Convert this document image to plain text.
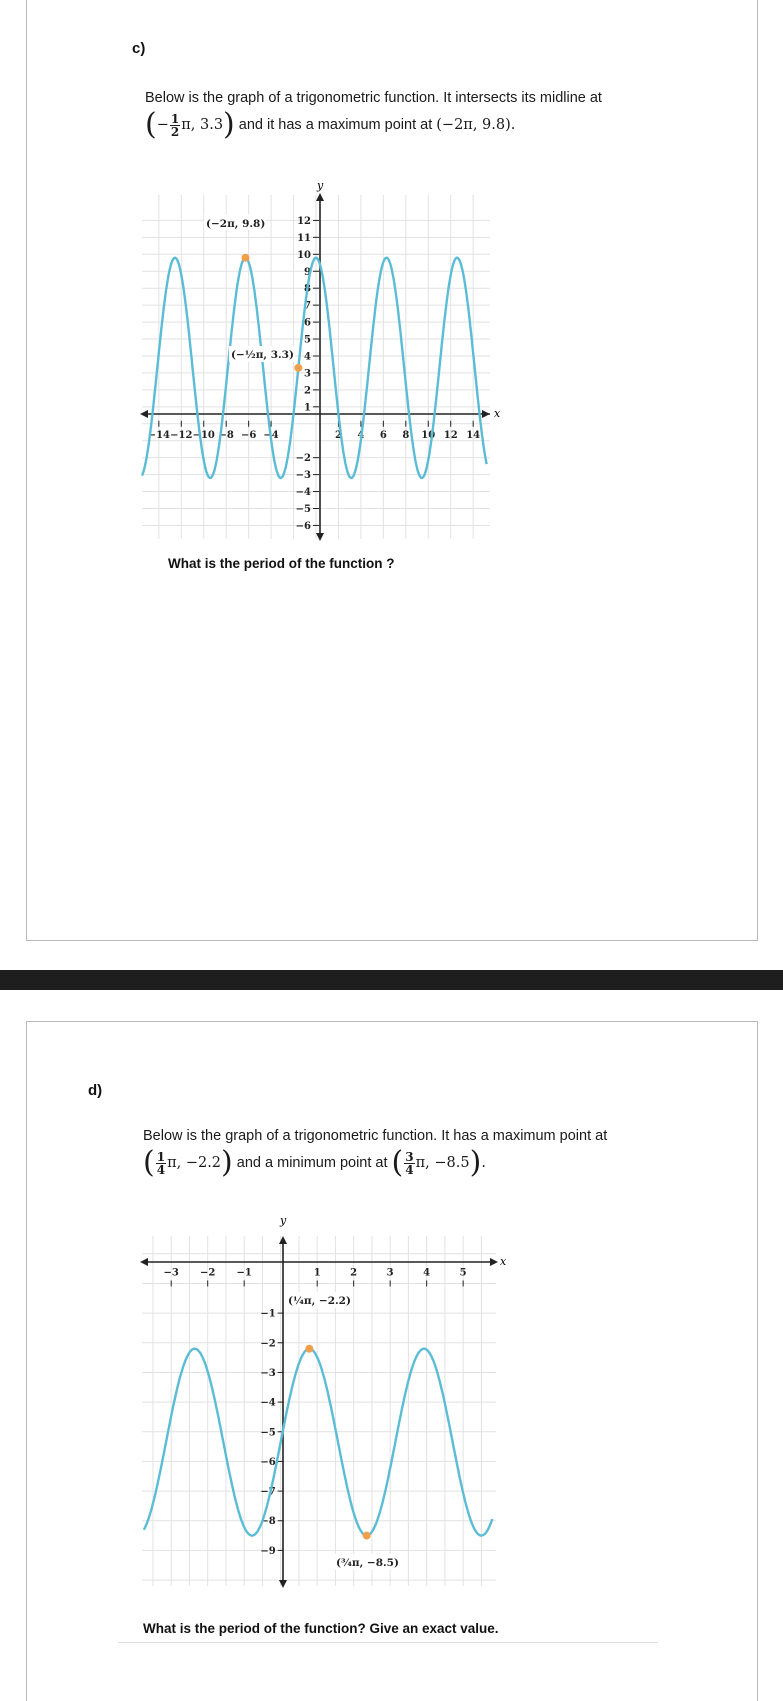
c)
Below is the graph of a trigonometric function. It intersects its midline at
(− $\frac{1}{2} \pi$, 3.3) and it has a maximum point at (−2π, 9.8).
y
x
−14 −12 −10 −8 −6 −4	2 4 6 8 10 12 14
12
11
10
9
8
7
6
5
4
3
2
1
−2
−3
−4
−5
−6
(−2π, 9.8)
(−½π, 3.3)
What is the period of the function ?
d)
Below is the graph of a trigonometric function. It has a maximum point at
( $\frac{1}{4} \pi$, −2.2) and a minimum point at ( $\frac{3}{4} \pi$, −8.5).
y
x
−3 −2 −1	1	2	3	4	5
−1
−2
−3
−4
−5
−6
−7
−8
−9
(¼π, −2.2)
(¾π, −8.5)
What is the period of the function? Give an exact value.
